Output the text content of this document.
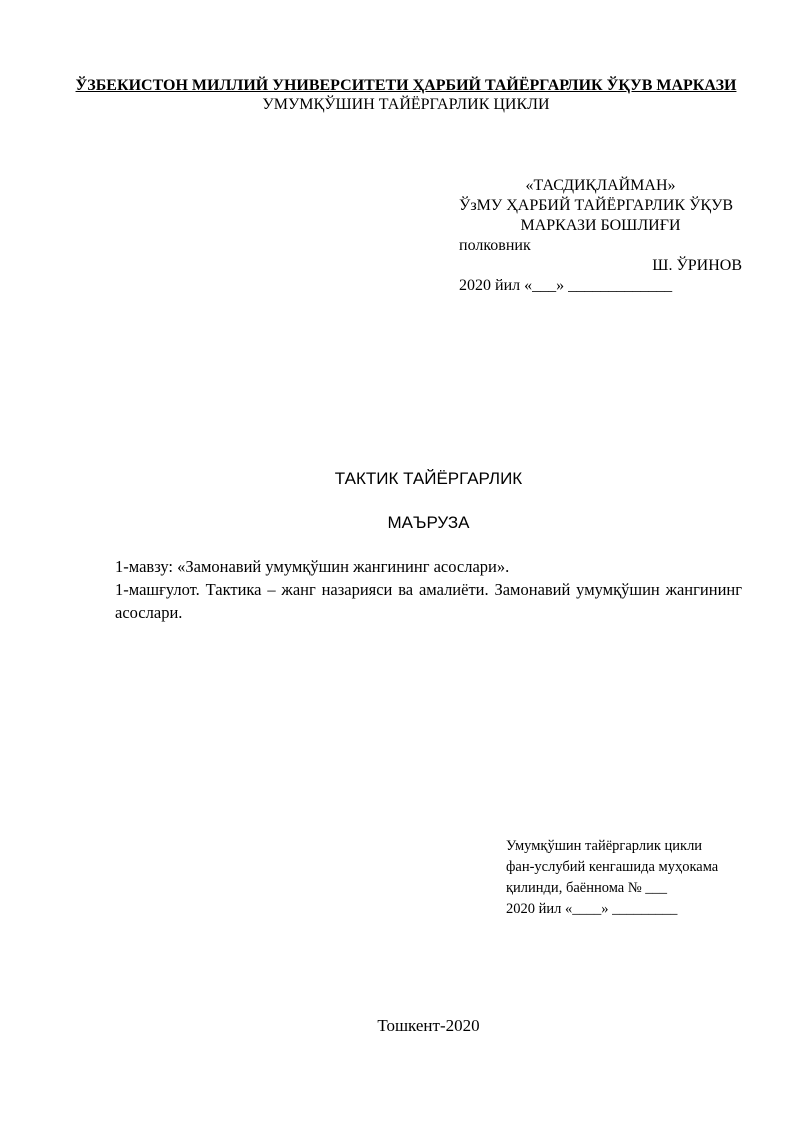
ЎЗБЕКИСТОН МИЛЛИЙ УНИВЕРСИТЕТИ ҲАРБИЙ ТАЙЁРГАРЛИК ЎҚУВ МАРКАЗИ
УМУМҚЎШИН ТАЙЁРГАРЛИК ЦИКЛИ
«ТАСДИҚЛАЙМАН»
ЎзМУ ҲАРБИЙ ТАЙЁРГАРЛИК ЎҚУВ
МАРКАЗИ БОШЛИҒИ
полковник
Ш. ЎРИНОВ
2020 йил «___» _____________
ТАКТИК ТАЙЁРГАРЛИК
МАЪРУЗА
1-мавзу: «Замонавий умумқўшин жангининг асослари».
1-машғулот. Тактика – жанг назарияси ва амалиёти. Замонавий умумқўшин жангининг асослари.
Умумқўшин тайёргарлик цикли
фан-услубий кенгашида муҳокама
қилинди, баённома № ___
2020 йил «____» _________
Тошкент-2020
